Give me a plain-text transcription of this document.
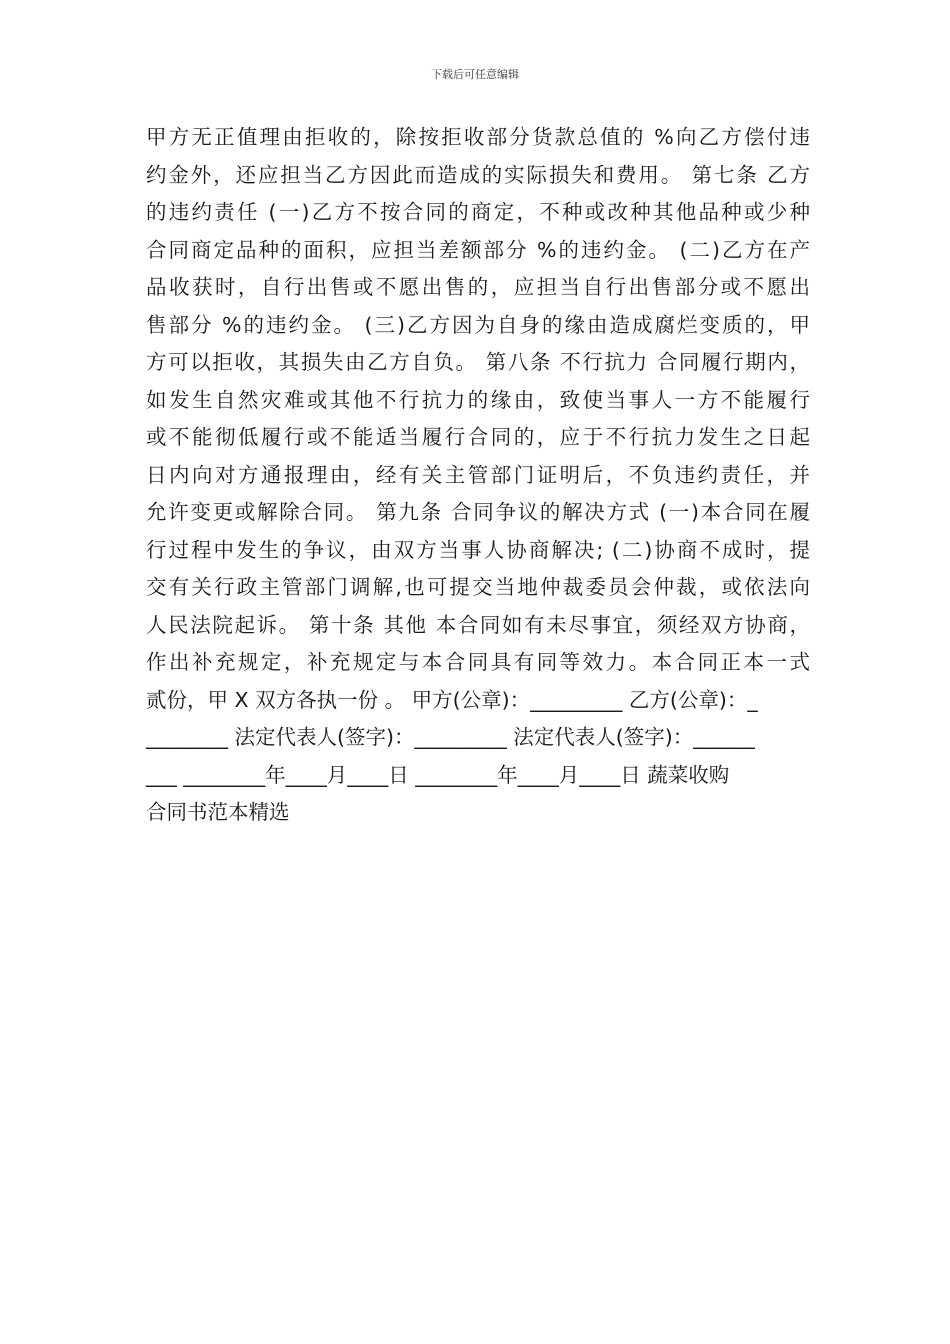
下载后可任意编辑
甲方无正值理由拒收的，除按拒收部分货款总值的 %向乙方偿付违
约金外，还应担当乙方因此而造成的实际损失和费用。 第七条 乙方
的违约责任 (一)乙方不按合同的商定，不种或改种其他品种或少种
合同商定品种的面积，应担当差额部分 %的违约金。 (二)乙方在产
品收获时，自行出售或不愿出售的，应担当自行出售部分或不愿出
售部分 %的违约金。 (三)乙方因为自身的缘由造成腐烂变质的，甲
方可以拒收，其损失由乙方自负。 第八条 不行抗力 合同履行期内，
如发生自然灾难或其他不行抗力的缘由，致使当事人一方不能履行
或不能彻低履行或不能适当履行合同的，应于不行抗力发生之日起
日内向对方通报理由，经有关主管部门证明后，不负违约责任，并
允许变更或解除合同。 第九条 合同争议的解决方式 (一)本合同在履
行过程中发生的争议，由双方当事人协商解决; (二)协商不成时，提
交有关行政主管部门调解,也可提交当地仲裁委员会仲裁，或依法向
人民法院起诉。 第十条 其他 本合同如有未尽事宜，须经双方协商，
作出补充规定，补充规定与本合同具有同等效力。本合同正本一式
贰份，甲 X 双方各执一份 。 甲方(公章)：_________ 乙方(公章)：_
________ 法定代表人(签字)：_________ 法定代表人(签字)：______
___ ________年____月____日 ________年____月____日 蔬菜收购
合同书范本精选
